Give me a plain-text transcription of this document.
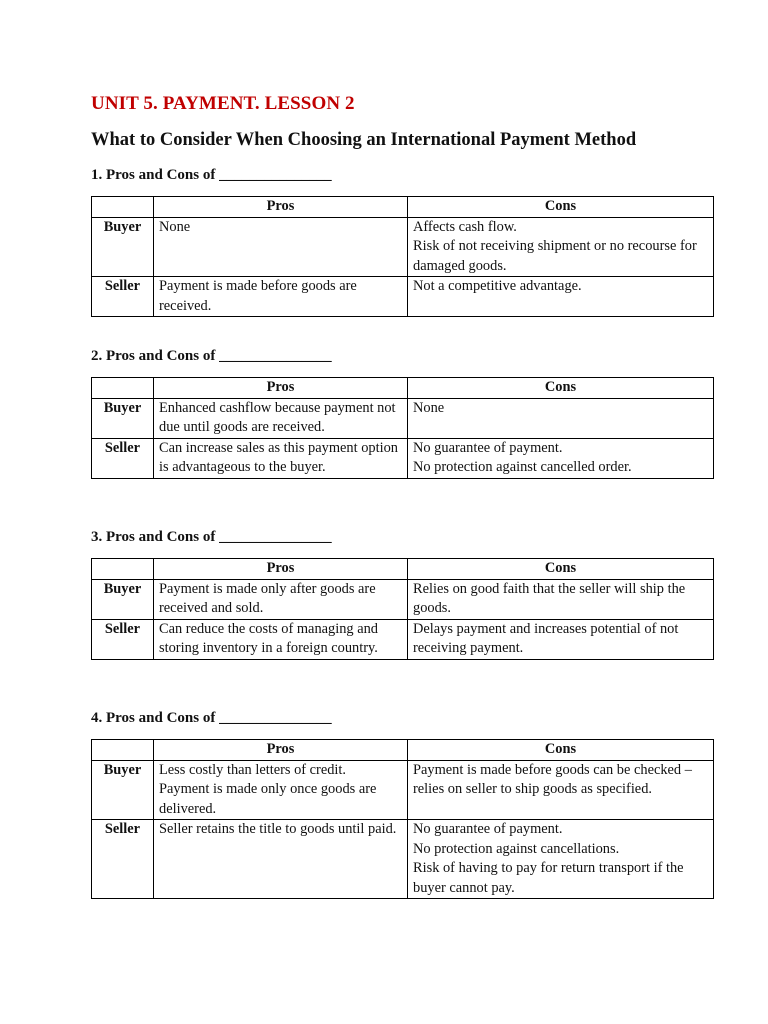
UNIT 5. PAYMENT. LESSON 2
What to Consider When Choosing an International Payment Method

1. Pros and Cons of _______________

	Pros	Cons
Buyer	None	Affects cash flow.
Risk of not receiving shipment or no recourse for damaged goods.

Seller	Payment is made before goods are received.	Not a competitive advantage.

2. Pros and Cons of _______________

	Pros	Cons
Buyer	Enhanced cashflow because payment not due until goods are received.	None

Seller	Can increase sales as this payment option is advantageous to the buyer.	No guarantee of payment.
No protection against cancelled order.

3. Pros and Cons of _______________

	Pros	Cons
Buyer	Payment is made only after goods are received and sold.	Relies on good faith that the seller will ship the goods.

Seller	Can reduce the costs of managing and storing inventory in a foreign country.	Delays payment and increases potential of not receiving payment.

4. Pros and Cons of _______________

	Pros	Cons
Buyer	Less costly than letters of credit.
Payment is made only once goods are delivered.	Payment is made before goods can be checked – relies on seller to ship goods as specified.

Seller	Seller retains the title to goods until paid.	No guarantee of payment.
No protection against cancellations.
Risk of having to pay for return transport if the buyer cannot pay.
